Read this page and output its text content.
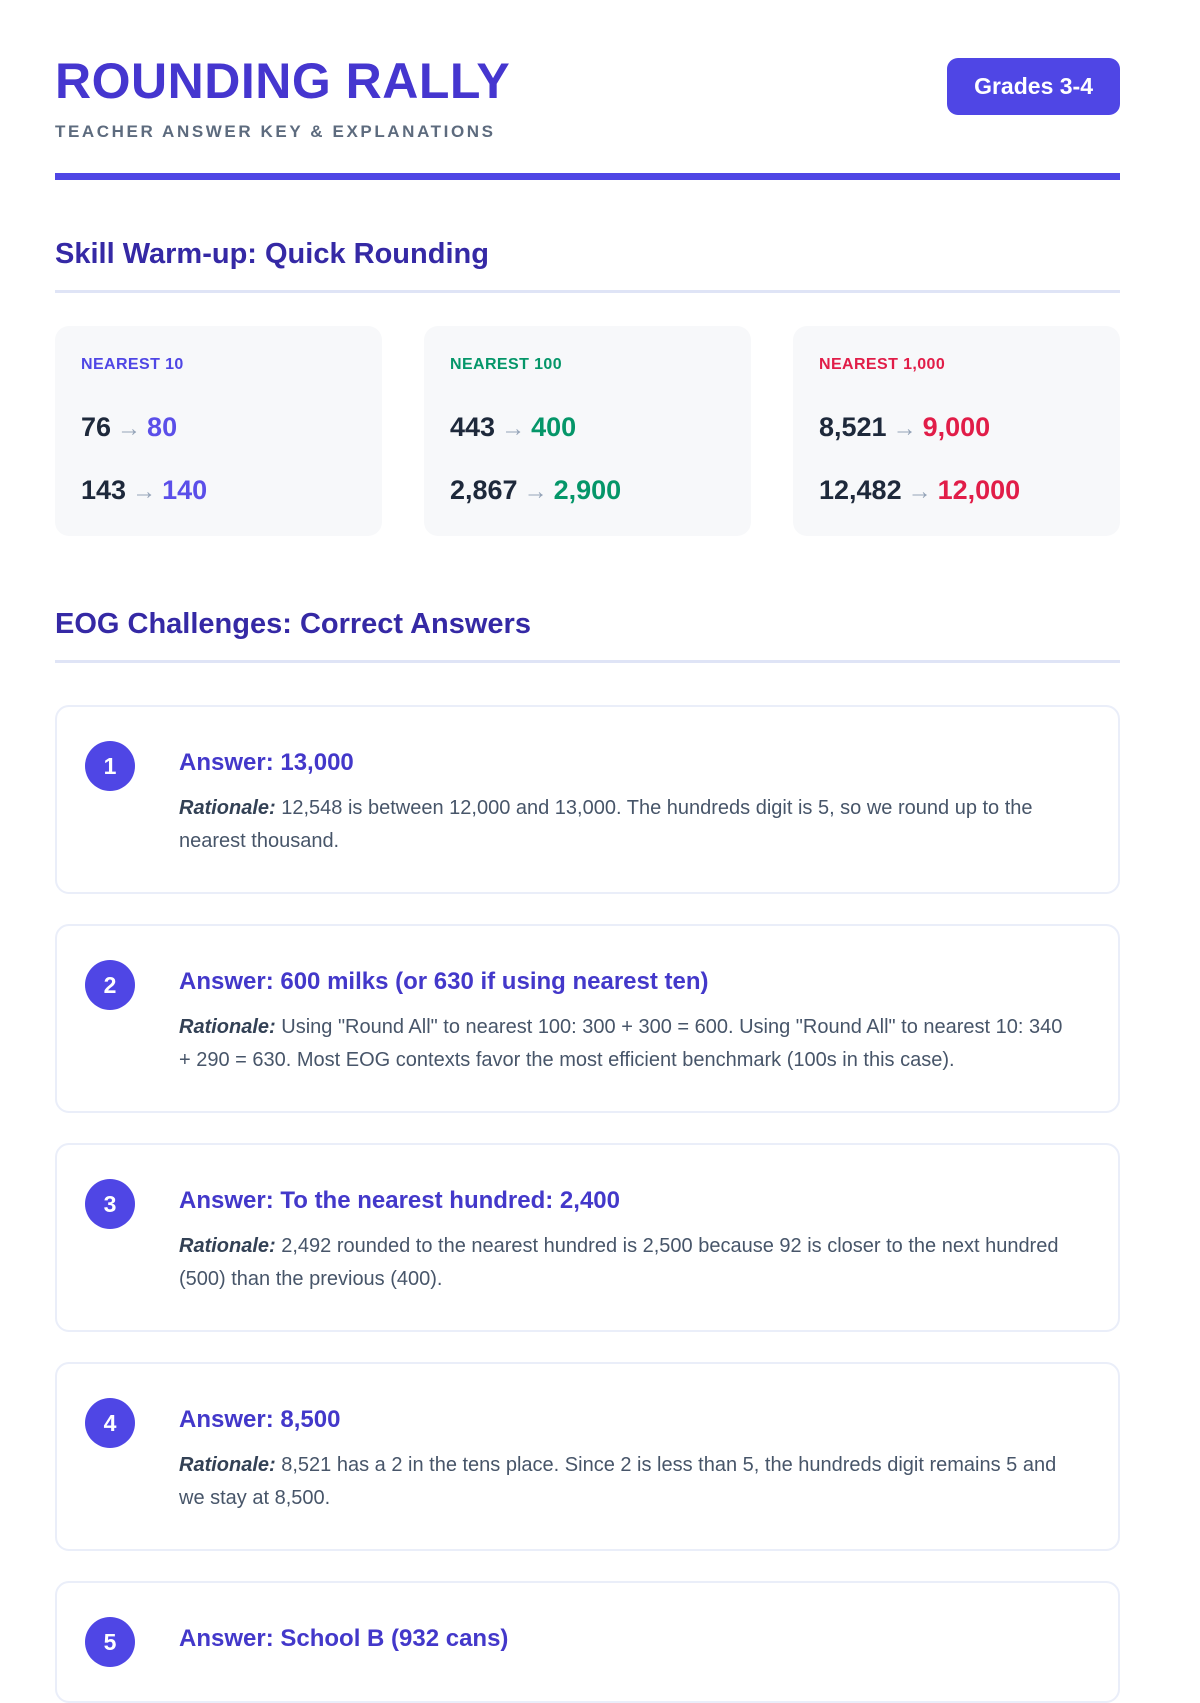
ROUNDING RALLY
TEACHER ANSWER KEY & EXPLANATIONS
Grades 3-4
Skill Warm-up: Quick Rounding
NEAREST 10
76 → 80
143 → 140
NEAREST 100
443 → 400
2,867 → 2,900
NEAREST 1,000
8,521 → 9,000
12,482 → 12,000
EOG Challenges: Correct Answers
1	Answer: 13,000
Rationale: 12,548 is between 12,000 and 13,000. The hundreds digit is 5, so we round up to the nearest thousand.
2	Answer: 600 milks (or 630 if using nearest ten)
Rationale: Using "Round All" to nearest 100: 300 + 300 = 600. Using "Round All" to nearest 10: 340 + 290 = 630. Most EOG contexts favor the most efficient benchmark (100s in this case).
3	Answer: To the nearest hundred: 2,400
Rationale: 2,492 rounded to the nearest hundred is 2,500 because 92 is closer to the next hundred (500) than the previous (400).
4	Answer: 8,500
Rationale: 8,521 has a 2 in the tens place. Since 2 is less than 5, the hundreds digit remains 5 and we stay at 8,500.
5	Answer: School B (932 cans)
